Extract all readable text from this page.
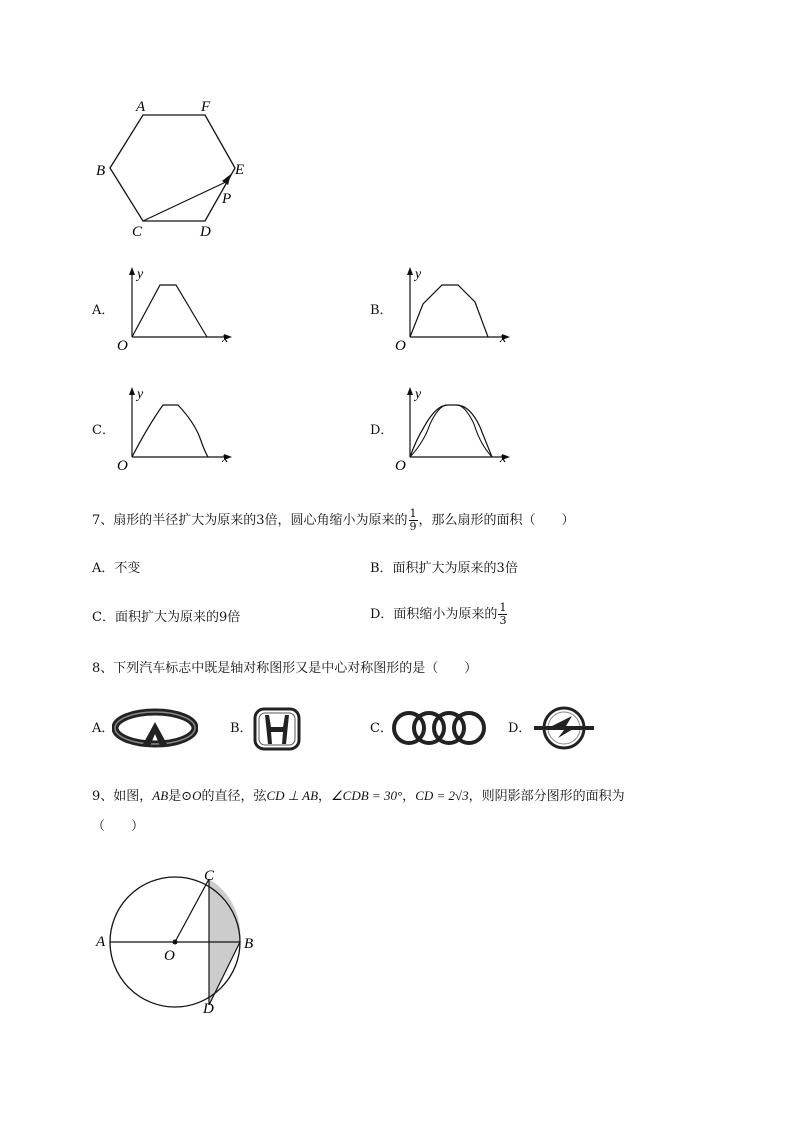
A	F
B	E
P
C	D
A．
y
x
O
B．
y
x
O
C．
y
x
O
D．
y
x
O
7、扇形的半径扩大为原来的3倍，圆心角缩小为原来的 $\frac{1}{9}$ ，那么扇形的面积（　　）
A．不变	B．面积扩大为原来的3倍
C．面积扩大为原来的9倍	D．面积缩小为原来的 $\frac{1}{3}$
8、下列汽车标志中既是轴对称图形又是中心对称图形的是（　　）
A．	B．	C．	D．
9、如图，AB是⊙O的直径，弦CD ⊥ AB，∠CDB = 30°，CD = 2√3，则阴影部分图形的面积为
（　　）
A	B
C
D
O
